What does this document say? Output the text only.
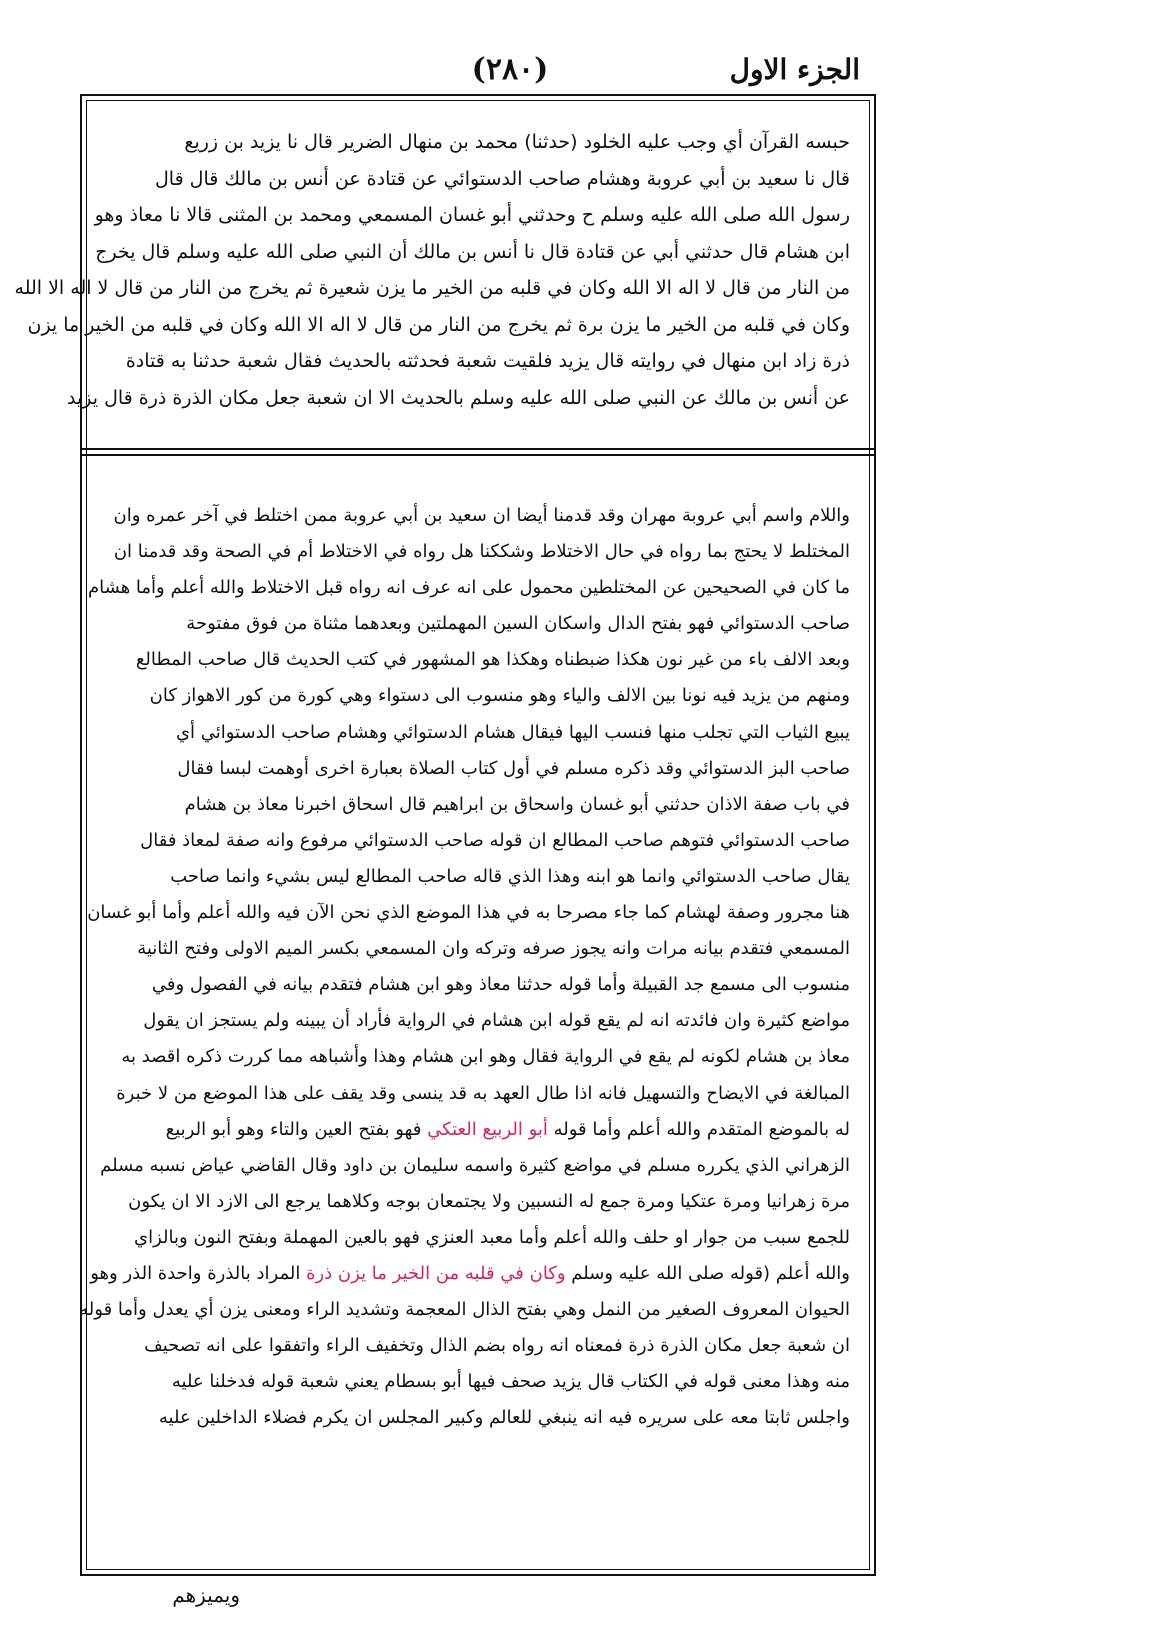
(٢٨٠)	الجزء الاول
حبسه القرآن أي وجب عليه الخلود (حدثنا) محمد بن منهال الضرير قال نا يزيد بن زريع
قال نا سعيد بن أبي عروبة وهشام صاحب الدستوائي عن قتادة عن أنس بن مالك قال قال
رسول الله صلى الله عليه وسلم ح وحدثني أبو غسان المسمعي ومحمد بن المثنى قالا نا معاذ وهو
ابن هشام قال حدثني أبي عن قتادة قال نا أنس بن مالك أن النبي صلى الله عليه وسلم قال يخرج
من النار من قال لا اله الا الله وكان في قلبه من الخير ما يزن شعيرة ثم يخرج من النار من قال لا اله الا الله
وكان في قلبه من الخير ما يزن برة ثم يخرج من النار من قال لا اله الا الله وكان في قلبه من الخير ما يزن
ذرة زاد ابن منهال في روايته قال يزيد فلقيت شعبة فحدثته بالحديث فقال شعبة حدثنا به قتادة
عن أنس بن مالك عن النبي صلى الله عليه وسلم بالحديث الا ان شعبة جعل مكان الذرة ذرة قال يزيد
واللام واسم أبي عروبة مهران وقد قدمنا أيضا ان سعيد بن أبي عروبة ممن اختلط في آخر عمره وان
المختلط لا يحتج بما رواه في حال الاختلاط وشككنا هل رواه في الاختلاط أم في الصحة وقد قدمنا ان
ما كان في الصحيحين عن المختلطين محمول على انه عرف انه رواه قبل الاختلاط والله أعلم وأما هشام
صاحب الدستوائي فهو بفتح الدال واسكان السين المهملتين وبعدهما مثناة من فوق مفتوحة
وبعد الالف باء من غير نون هكذا ضبطناه وهكذا هو المشهور في كتب الحديث قال صاحب المطالع
ومنهم من يزيد فيه نونا بين الالف والياء وهو منسوب الى دستواء وهي كورة من كور الاهواز كان
يبيع الثياب التي تجلب منها فنسب اليها فيقال هشام الدستوائي وهشام صاحب الدستوائي أي
صاحب البز الدستوائي وقد ذكره مسلم في أول كتاب الصلاة بعبارة اخرى أوهمت لبسا فقال
في باب صفة الاذان حدثني أبو غسان واسحاق بن ابراهيم قال اسحاق اخبرنا معاذ بن هشام
صاحب الدستوائي فتوهم صاحب المطالع ان قوله صاحب الدستوائي مرفوع وانه صفة لمعاذ فقال
يقال صاحب الدستوائي وانما هو ابنه وهذا الذي قاله صاحب المطالع ليس بشيء وانما صاحب
هنا مجرور وصفة لهشام كما جاء مصرحا به في هذا الموضع الذي نحن الآن فيه والله أعلم وأما أبو غسان
المسمعي فتقدم بيانه مرات وانه يجوز صرفه وتركه وان المسمعي بكسر الميم الاولى وفتح الثانية
منسوب الى مسمع جد القبيلة وأما قوله حدثنا معاذ وهو ابن هشام فتقدم بيانه في الفصول وفي
مواضع كثيرة وان فائدته انه لم يقع قوله ابن هشام في الرواية فأراد أن يبينه ولم يستجز ان يقول
معاذ بن هشام لكونه لم يقع في الرواية فقال وهو ابن هشام وهذا وأشباهه مما كررت ذكره اقصد به
المبالغة في الايضاح والتسهيل فانه اذا طال العهد به قد ينسى وقد يقف على هذا الموضع من لا خبرة
له بالموضع المتقدم والله أعلم وأما قوله أبو الربيع العتكي فهو بفتح العين والتاء وهو أبو الربيع
الزهراني الذي يكرره مسلم في مواضع كثيرة واسمه سليمان بن داود وقال القاضي عياض نسبه مسلم
مرة زهرانيا ومرة عتكيا ومرة جمع له النسبين ولا يجتمعان بوجه وكلاهما يرجع الى الازد الا ان يكون
للجمع سبب من جوار او حلف والله أعلم وأما معبد العنزي فهو بالعين المهملة وبفتح النون وبالزاي
والله أعلم (قوله صلى الله عليه وسلم وكان في قلبه من الخير ما يزن ذرة المراد بالذرة واحدة الذر وهو
الحيوان المعروف الصغير من النمل وهي بفتح الذال المعجمة وتشديد الراء ومعنى يزن أي يعدل وأما قوله
ان شعبة جعل مكان الذرة ذرة فمعناه انه رواه بضم الذال وتخفيف الراء واتفقوا على انه تصحيف
منه وهذا معنى قوله في الكتاب قال يزيد صحف فيها أبو بسطام يعني شعبة قوله فدخلنا عليه
واجلس ثابتا معه على سريره فيه انه ينبغي للعالم وكبير المجلس ان يكرم فضلاء الداخلين عليه
ويميزهم
